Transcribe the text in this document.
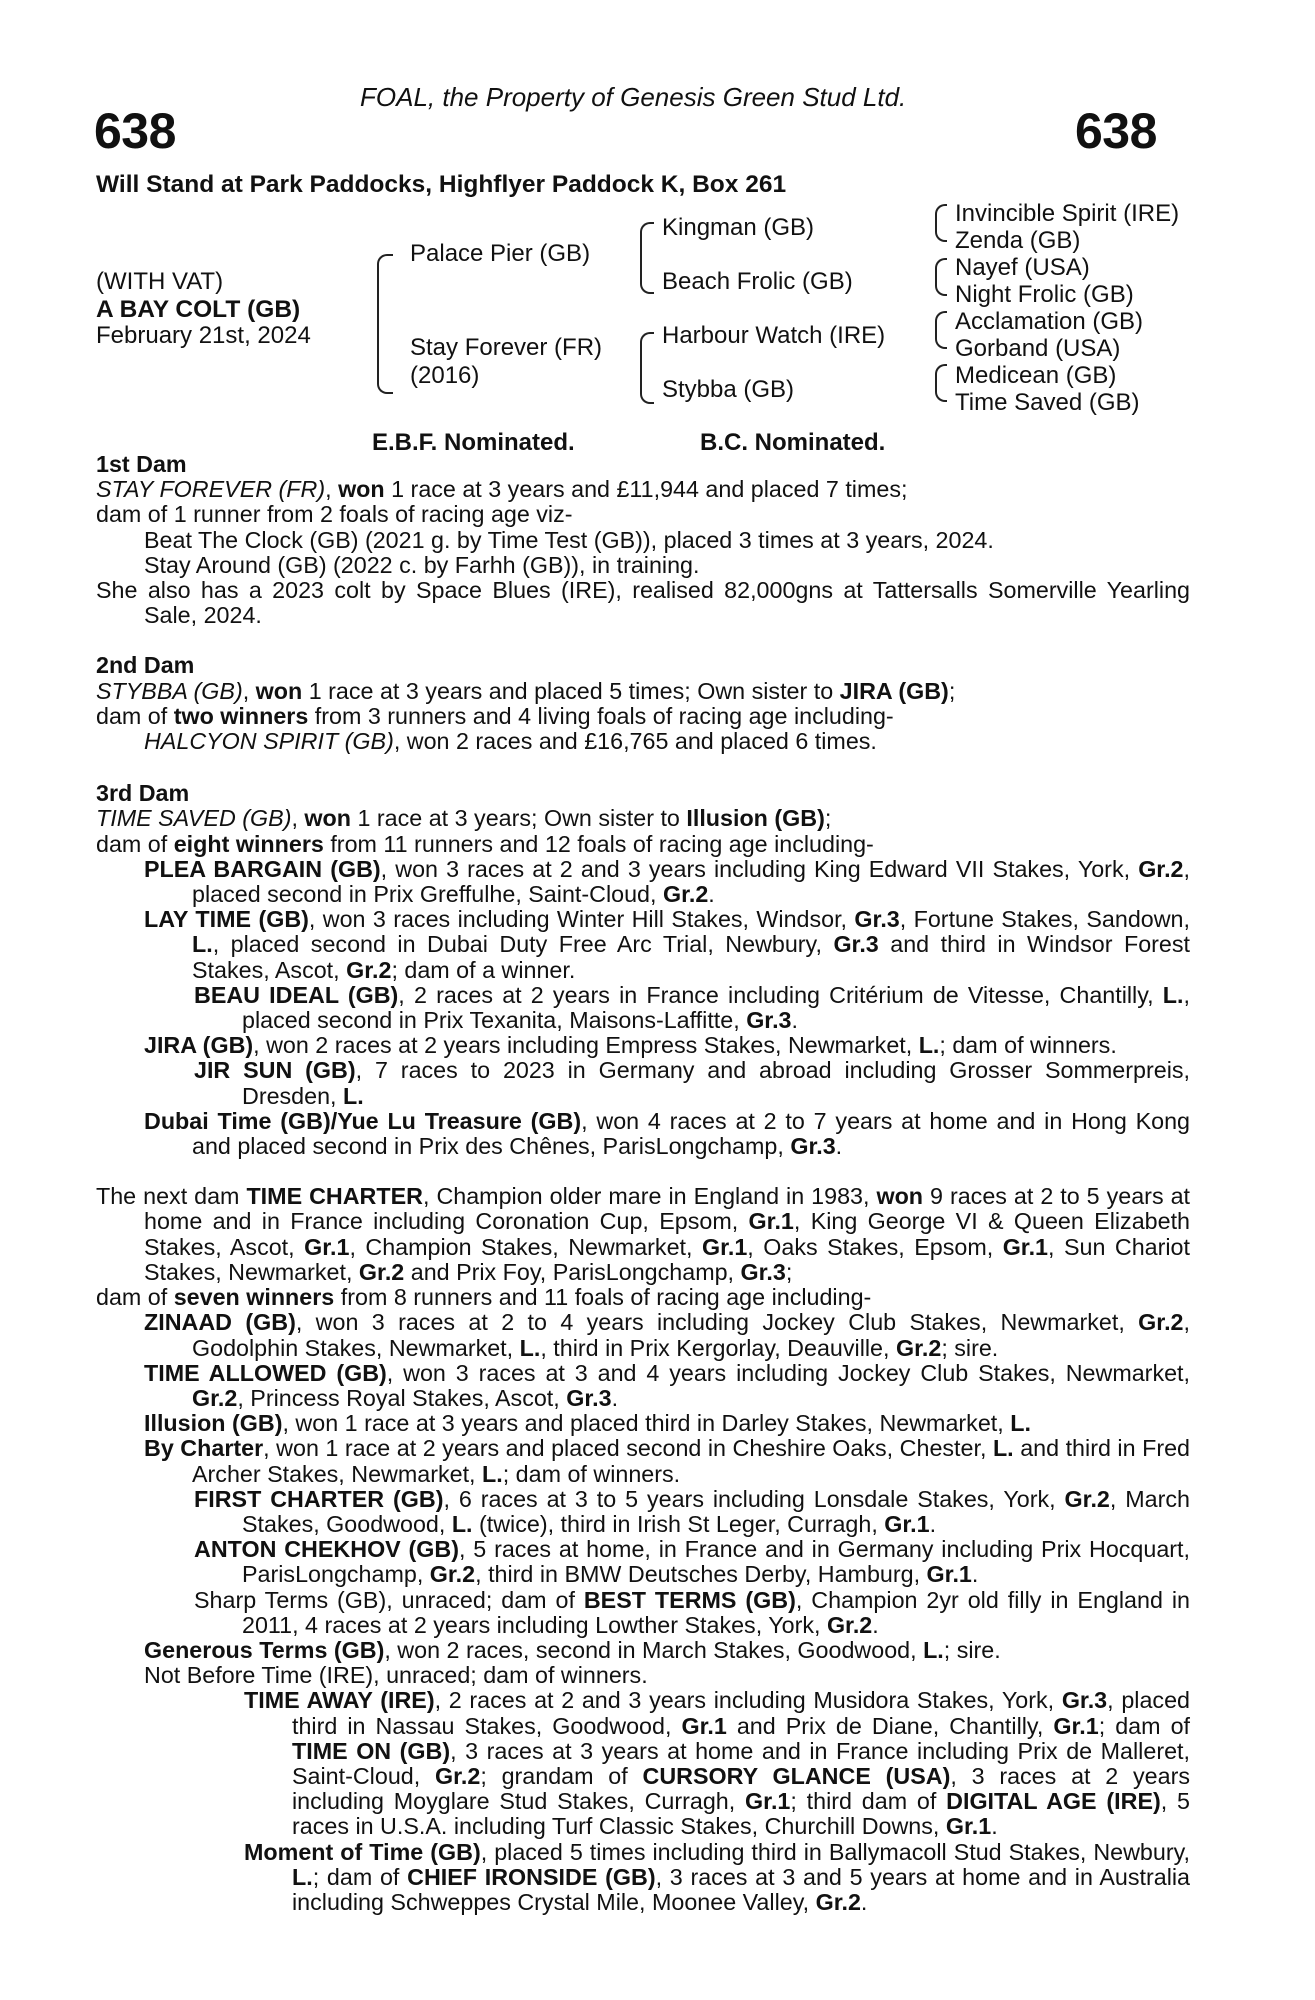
FOAL, the Property of Genesis Green Stud Ltd.
638	638
Will Stand at Park Paddocks, Highflyer Paddock K, Box 261
(WITH VAT)
A BAY COLT (GB)
February 21st, 2024
Palace Pier (GB)
Stay Forever (FR)
(2016)
Kingman (GB)
Beach Frolic (GB)
Harbour Watch (IRE)
Stybba (GB)
Invincible Spirit (IRE)
Zenda (GB)
Nayef (USA)
Night Frolic (GB)
Acclamation (GB)
Gorband (USA)
Medicean (GB)
Time Saved (GB)
E.B.F. Nominated.	B.C. Nominated.

1st Dam

STAY FOREVER (FR), won 1 race at 3 years and £11,944 and placed 7 times;

dam of 1 runner from 2 foals of racing age viz-

Beat The Clock (GB) (2021 g. by Time Test (GB)), placed 3 times at 3 years, 2024.

Stay Around (GB) (2022 c. by Farhh (GB)), in training.

She also has a 2023 colt by Space Blues (IRE), realised 82,000gns at Tattersalls Somerville Yearling Sale, 2024.

2nd Dam

STYBBA (GB), won 1 race at 3 years and placed 5 times; Own sister to JIRA (GB);

dam of two winners from 3 runners and 4 living foals of racing age including-

HALCYON SPIRIT (GB), won 2 races and £16,765 and placed 6 times.

3rd Dam

TIME SAVED (GB), won 1 race at 3 years; Own sister to Illusion (GB);

dam of eight winners from 11 runners and 12 foals of racing age including-

PLEA BARGAIN (GB), won 3 races at 2 and 3 years including King Edward VII Stakes, York, Gr.2, placed second in Prix Greffulhe, Saint-Cloud, Gr.2.

LAY TIME (GB), won 3 races including Winter Hill Stakes, Windsor, Gr.3, Fortune Stakes, Sandown, L., placed second in Dubai Duty Free Arc Trial, Newbury, Gr.3 and third in Windsor Forest Stakes, Ascot, Gr.2; dam of a winner.

BEAU IDEAL (GB), 2 races at 2 years in France including Critérium de Vitesse, Chantilly, L., placed second in Prix Texanita, Maisons-Laffitte, Gr.3.

JIRA (GB), won 2 races at 2 years including Empress Stakes, Newmarket, L.; dam of winners.

JIR SUN (GB), 7 races to 2023 in Germany and abroad including Grosser Sommerpreis, Dresden, L.

Dubai Time (GB)/Yue Lu Treasure (GB), won 4 races at 2 to 7 years at home and in Hong Kong and placed second in Prix des Chênes, ParisLongchamp, Gr.3.

The next dam TIME CHARTER, Champion older mare in England in 1983, won 9 races at 2 to 5 years at home and in France including Coronation Cup, Epsom, Gr.1, King George VI & Queen Elizabeth Stakes, Ascot, Gr.1, Champion Stakes, Newmarket, Gr.1, Oaks Stakes, Epsom, Gr.1, Sun Chariot Stakes, Newmarket, Gr.2 and Prix Foy, ParisLongchamp, Gr.3;

dam of seven winners from 8 runners and 11 foals of racing age including-

ZINAAD (GB), won 3 races at 2 to 4 years including Jockey Club Stakes, Newmarket, Gr.2, Godolphin Stakes, Newmarket, L., third in Prix Kergorlay, Deauville, Gr.2; sire.

TIME ALLOWED (GB), won 3 races at 3 and 4 years including Jockey Club Stakes, Newmarket, Gr.2, Princess Royal Stakes, Ascot, Gr.3.

Illusion (GB), won 1 race at 3 years and placed third in Darley Stakes, Newmarket, L.

By Charter, won 1 race at 2 years and placed second in Cheshire Oaks, Chester, L. and third in Fred Archer Stakes, Newmarket, L.; dam of winners.

FIRST CHARTER (GB), 6 races at 3 to 5 years including Lonsdale Stakes, York, Gr.2, March Stakes, Goodwood, L. (twice), third in Irish St Leger, Curragh, Gr.1.

ANTON CHEKHOV (GB), 5 races at home, in France and in Germany including Prix Hocquart, ParisLongchamp, Gr.2, third in BMW Deutsches Derby, Hamburg, Gr.1.

Sharp Terms (GB), unraced; dam of BEST TERMS (GB), Champion 2yr old filly in England in 2011, 4 races at 2 years including Lowther Stakes, York, Gr.2.

Generous Terms (GB), won 2 races, second in March Stakes, Goodwood, L.; sire.

Not Before Time (IRE), unraced; dam of winners.

TIME AWAY (IRE), 2 races at 2 and 3 years including Musidora Stakes, York, Gr.3, placed third in Nassau Stakes, Goodwood, Gr.1 and Prix de Diane, Chantilly, Gr.1; dam of TIME ON (GB), 3 races at 3 years at home and in France including Prix de Malleret, Saint-Cloud, Gr.2; grandam of CURSORY GLANCE (USA), 3 races at 2 years including Moyglare Stud Stakes, Curragh, Gr.1; third dam of DIGITAL AGE (IRE), 5 races in U.S.A. including Turf Classic Stakes, Churchill Downs, Gr.1.

Moment of Time (GB), placed 5 times including third in Ballymacoll Stud Stakes, Newbury, L.; dam of CHIEF IRONSIDE (GB), 3 races at 3 and 5 years at home and in Australia including Schweppes Crystal Mile, Moonee Valley, Gr.2.
